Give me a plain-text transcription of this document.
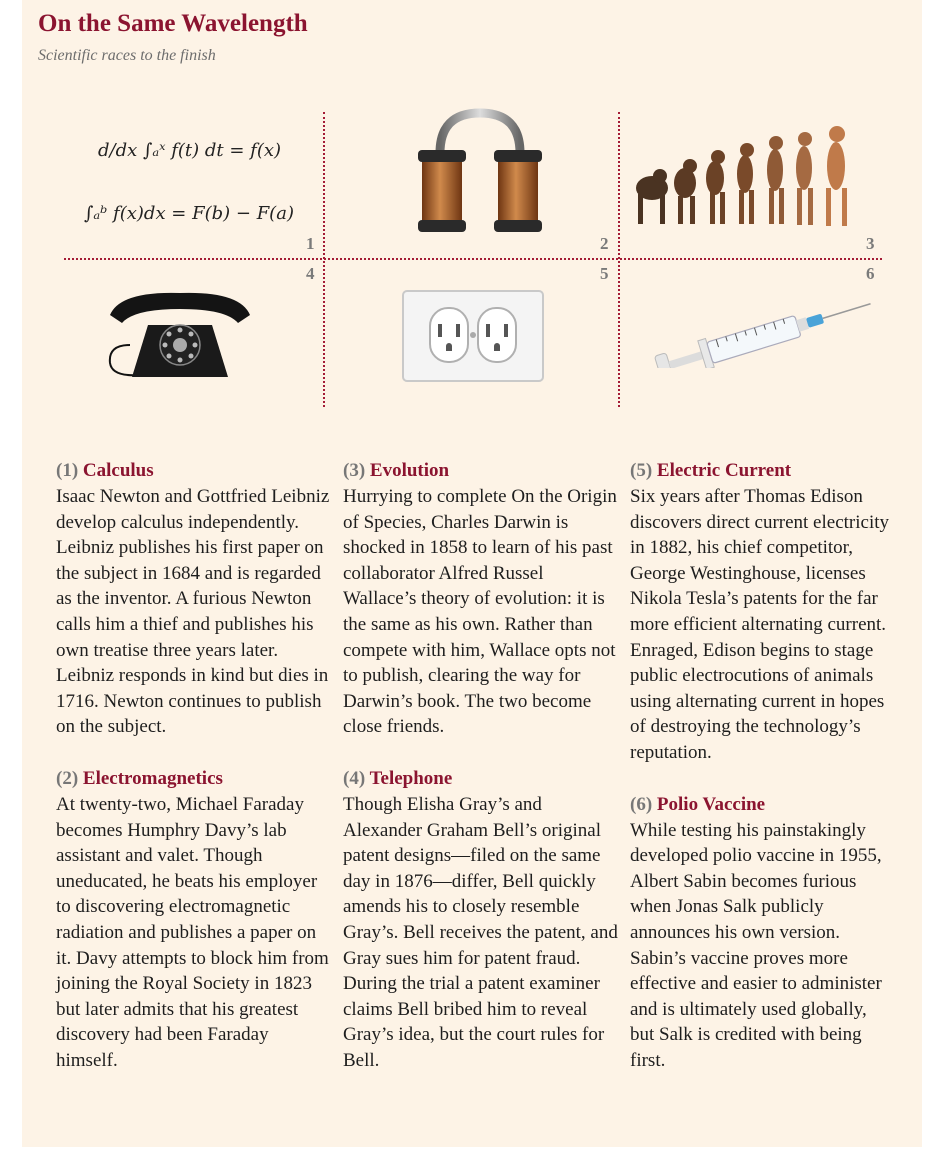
On the Same Wavelength
Scientific races to the finish
1	2	3
4	5	6
d/dx ∫ₐˣ f(t) dt = f(x)
∫ₐᵇ f(x)dx = F(b) − F(a)
(1) Calculus

Isaac Newton and Gottfried Leibniz develop calculus independently. Leibniz publishes his first paper on the subject in 1684 and is regarded as the inventor. A furious Newton calls him a thief and publishes his own treatise three years later. Leibniz responds in kind but dies in 1716. Newton continues to publish on the subject.

(2) Electromagnetics

At twenty-two, Michael Faraday becomes Humphry Davy’s lab assistant and valet. Though uneducated, he beats his employer to discovering electromagnetic radiation and publishes a paper on it. Davy attempts to block him from joining the Royal Society in 1823 but later admits that his greatest discovery had been Faraday himself.

(3) Evolution

Hurrying to complete On the Origin of Species, Charles Darwin is shocked in 1858 to learn of his past collaborator Alfred Russel Wallace’s theory of evolution: it is the same as his own. Rather than compete with him, Wallace opts not to publish, clearing the way for Darwin’s book. The two become close friends.

(4) Telephone

Though Elisha Gray’s and Alexander Graham Bell’s original patent designs—filed on the same day in 1876—differ, Bell quickly amends his to closely resemble Gray’s. Bell receives the patent, and Gray sues him for patent fraud. During the trial a patent examiner claims Bell bribed him to reveal Gray’s idea, but the court rules for Bell.

(5) Electric Current

Six years after Thomas Edison discovers direct current electricity in 1882, his chief competitor, George Westinghouse, licenses Nikola Tesla’s patents for the far more efficient alternating current. Enraged, Edison begins to stage public electrocutions of animals using alternating current in hopes of destroying the technology’s reputation.

(6) Polio Vaccine

While testing his painstakingly developed polio vaccine in 1955, Albert Sabin becomes furious when Jonas Salk publicly announces his own version. Sabin’s vaccine proves more effective and easier to administer and is ultimately used globally, but Salk is credited with being first.
